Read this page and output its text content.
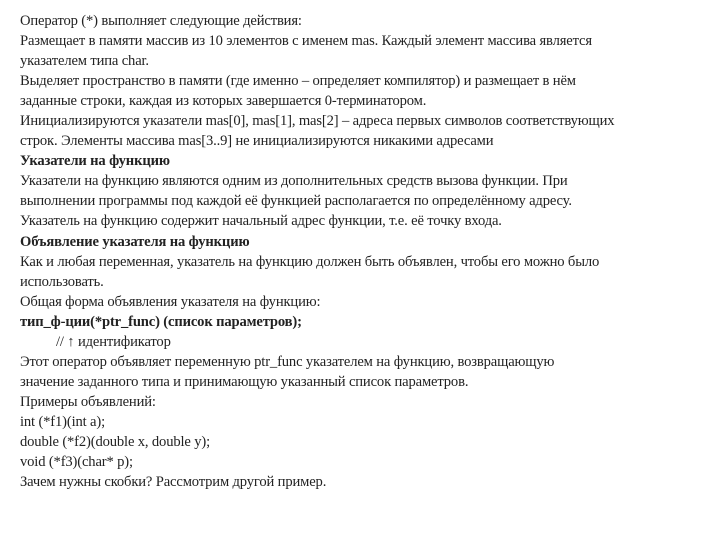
Оператор (*) выполняет следующие действия:
Размещает в памяти массив из 10 элементов с именем mas. Каждый элемент массива является
указателем типа char.
Выделяет пространство в памяти (где именно – определяет компилятор) и размещает в нём
заданные строки, каждая из которых завершается 0-терминатором.
Инициализируются указатели mas[0], mas[1], mas[2] – адреса первых символов соответствующих
строк. Элементы массива mas[3..9] не инициализируются никакими адресами
Указатели на функцию
Указатели на функцию являются одним из дополнительных средств вызова функции. При
выполнении программы под каждой её функцией располагается по определённому адресу.
Указатель на функцию содержит начальный адрес функции, т.е. её точку входа.
Объявление указателя на функцию
Как и любая переменная, указатель на функцию должен быть объявлен, чтобы его можно было
использовать.
Общая форма объявления указателя на функцию:
тип_ф-ции(*ptr_func) (список параметров);
// ↑ идентификатор
Этот оператор объявляет переменную ptr_func указателем на функцию, возвращающую
значение заданного типа и принимающую указанный список параметров.
Примеры объявлений:
int (*f1)(int a);
double (*f2)(double x, double y);
void (*f3)(char* p);
Зачем нужны скобки? Рассмотрим другой пример.
